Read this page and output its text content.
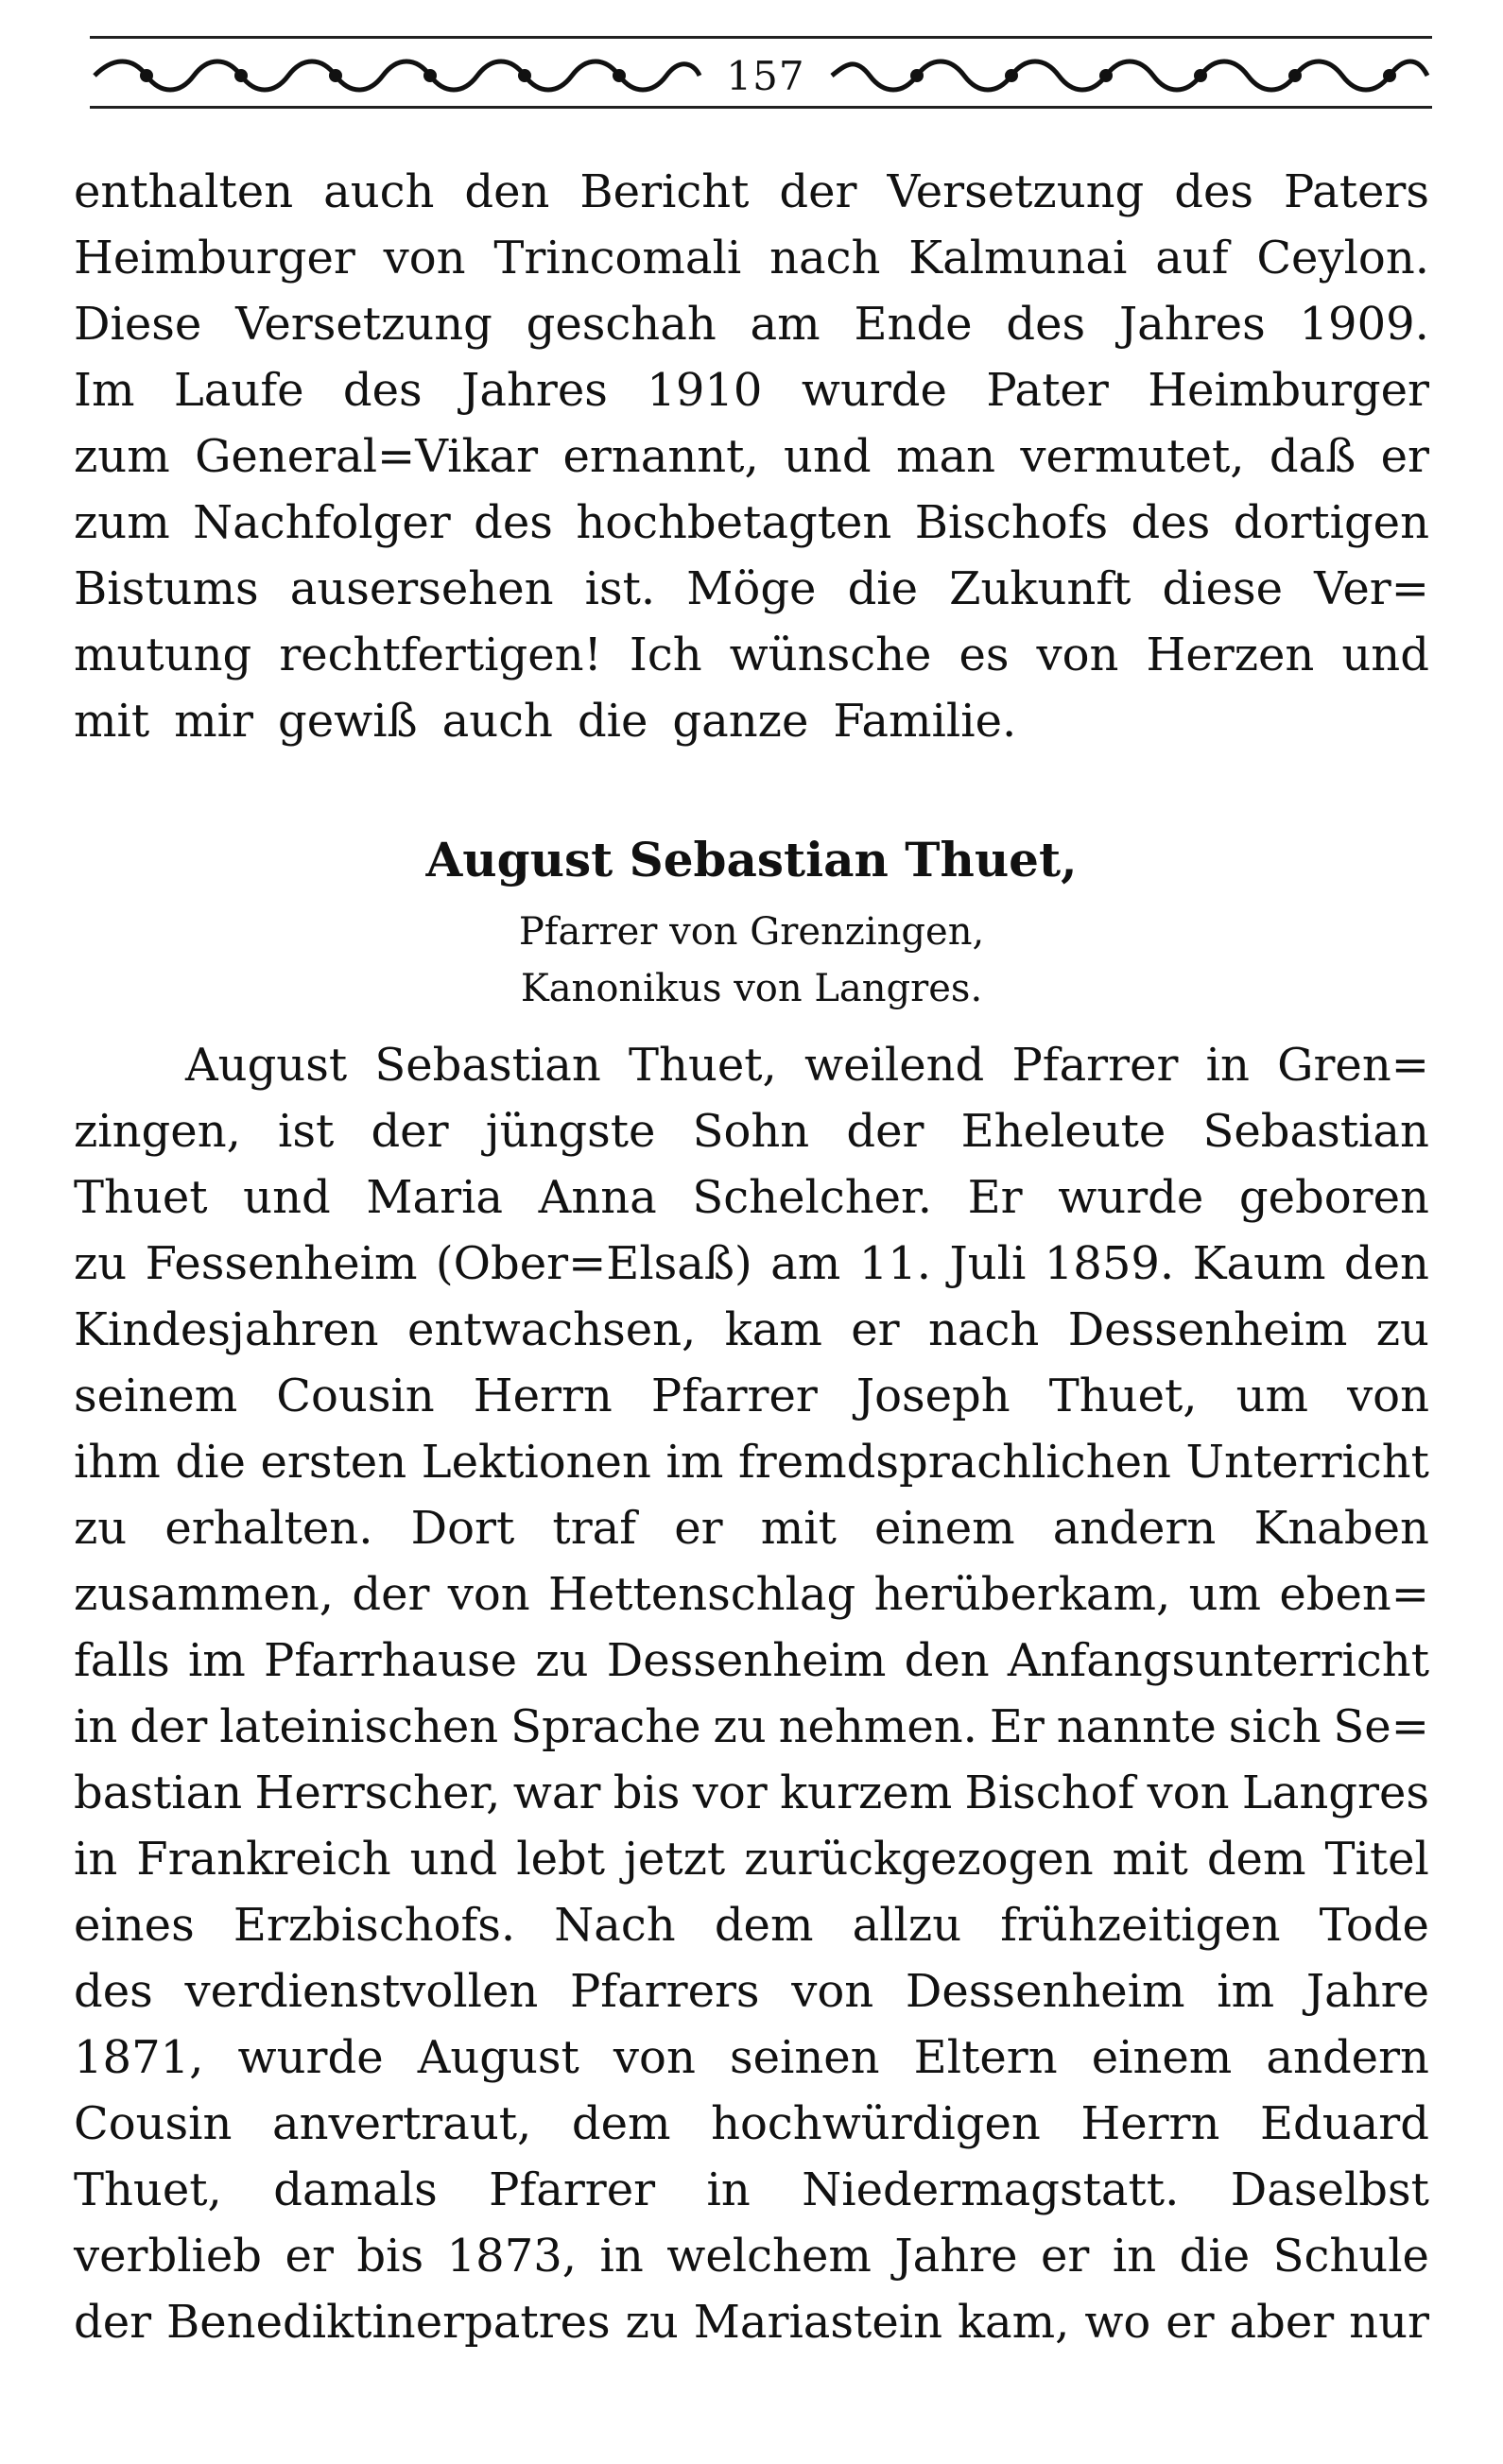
157
enthalten auch den Bericht der Versetzung des Paters
Heimburger von Trincomali nach Kalmunai auf Ceylon.
Diese Versetzung geschah am Ende des Jahres 1909.
Im Laufe des Jahres 1910 wurde Pater Heimburger
zum General=Vikar ernannt, und man vermutet, daß er
zum Nachfolger des hochbetagten Bischofs des dortigen
Bistums ausersehen ist. Möge die Zukunft diese Ver=
mutung rechtfertigen! Ich wünsche es von Herzen und
mit mir gewiß auch die ganze Familie.
August Sebastian Thuet,
Pfarrer von Grenzingen,
Kanonikus von Langres.
August Sebastian Thuet, weilend Pfarrer in Gren=
zingen, ist der jüngste Sohn der Eheleute Sebastian
Thuet und Maria Anna Schelcher. Er wurde geboren
zu Fessenheim (Ober=Elsaß) am 11. Juli 1859. Kaum den
Kindesjahren entwachsen, kam er nach Dessenheim zu
seinem Cousin Herrn Pfarrer Joseph Thuet, um von
ihm die ersten Lektionen im fremdsprachlichen Unterricht
zu erhalten. Dort traf er mit einem andern Knaben
zusammen, der von Hettenschlag herüberkam, um eben=
falls im Pfarrhause zu Dessenheim den Anfangsunterricht
in der lateinischen Sprache zu nehmen. Er nannte sich Se=
bastian Herrscher, war bis vor kurzem Bischof von Langres
in Frankreich und lebt jetzt zurückgezogen mit dem Titel
eines Erzbischofs. Nach dem allzu frühzeitigen Tode
des verdienstvollen Pfarrers von Dessenheim im Jahre
1871, wurde August von seinen Eltern einem andern
Cousin anvertraut, dem hochwürdigen Herrn Eduard
Thuet, damals Pfarrer in Niedermagstatt. Daselbst
verblieb er bis 1873, in welchem Jahre er in die Schule
der Benediktinerpatres zu Mariastein kam, wo er aber nur
